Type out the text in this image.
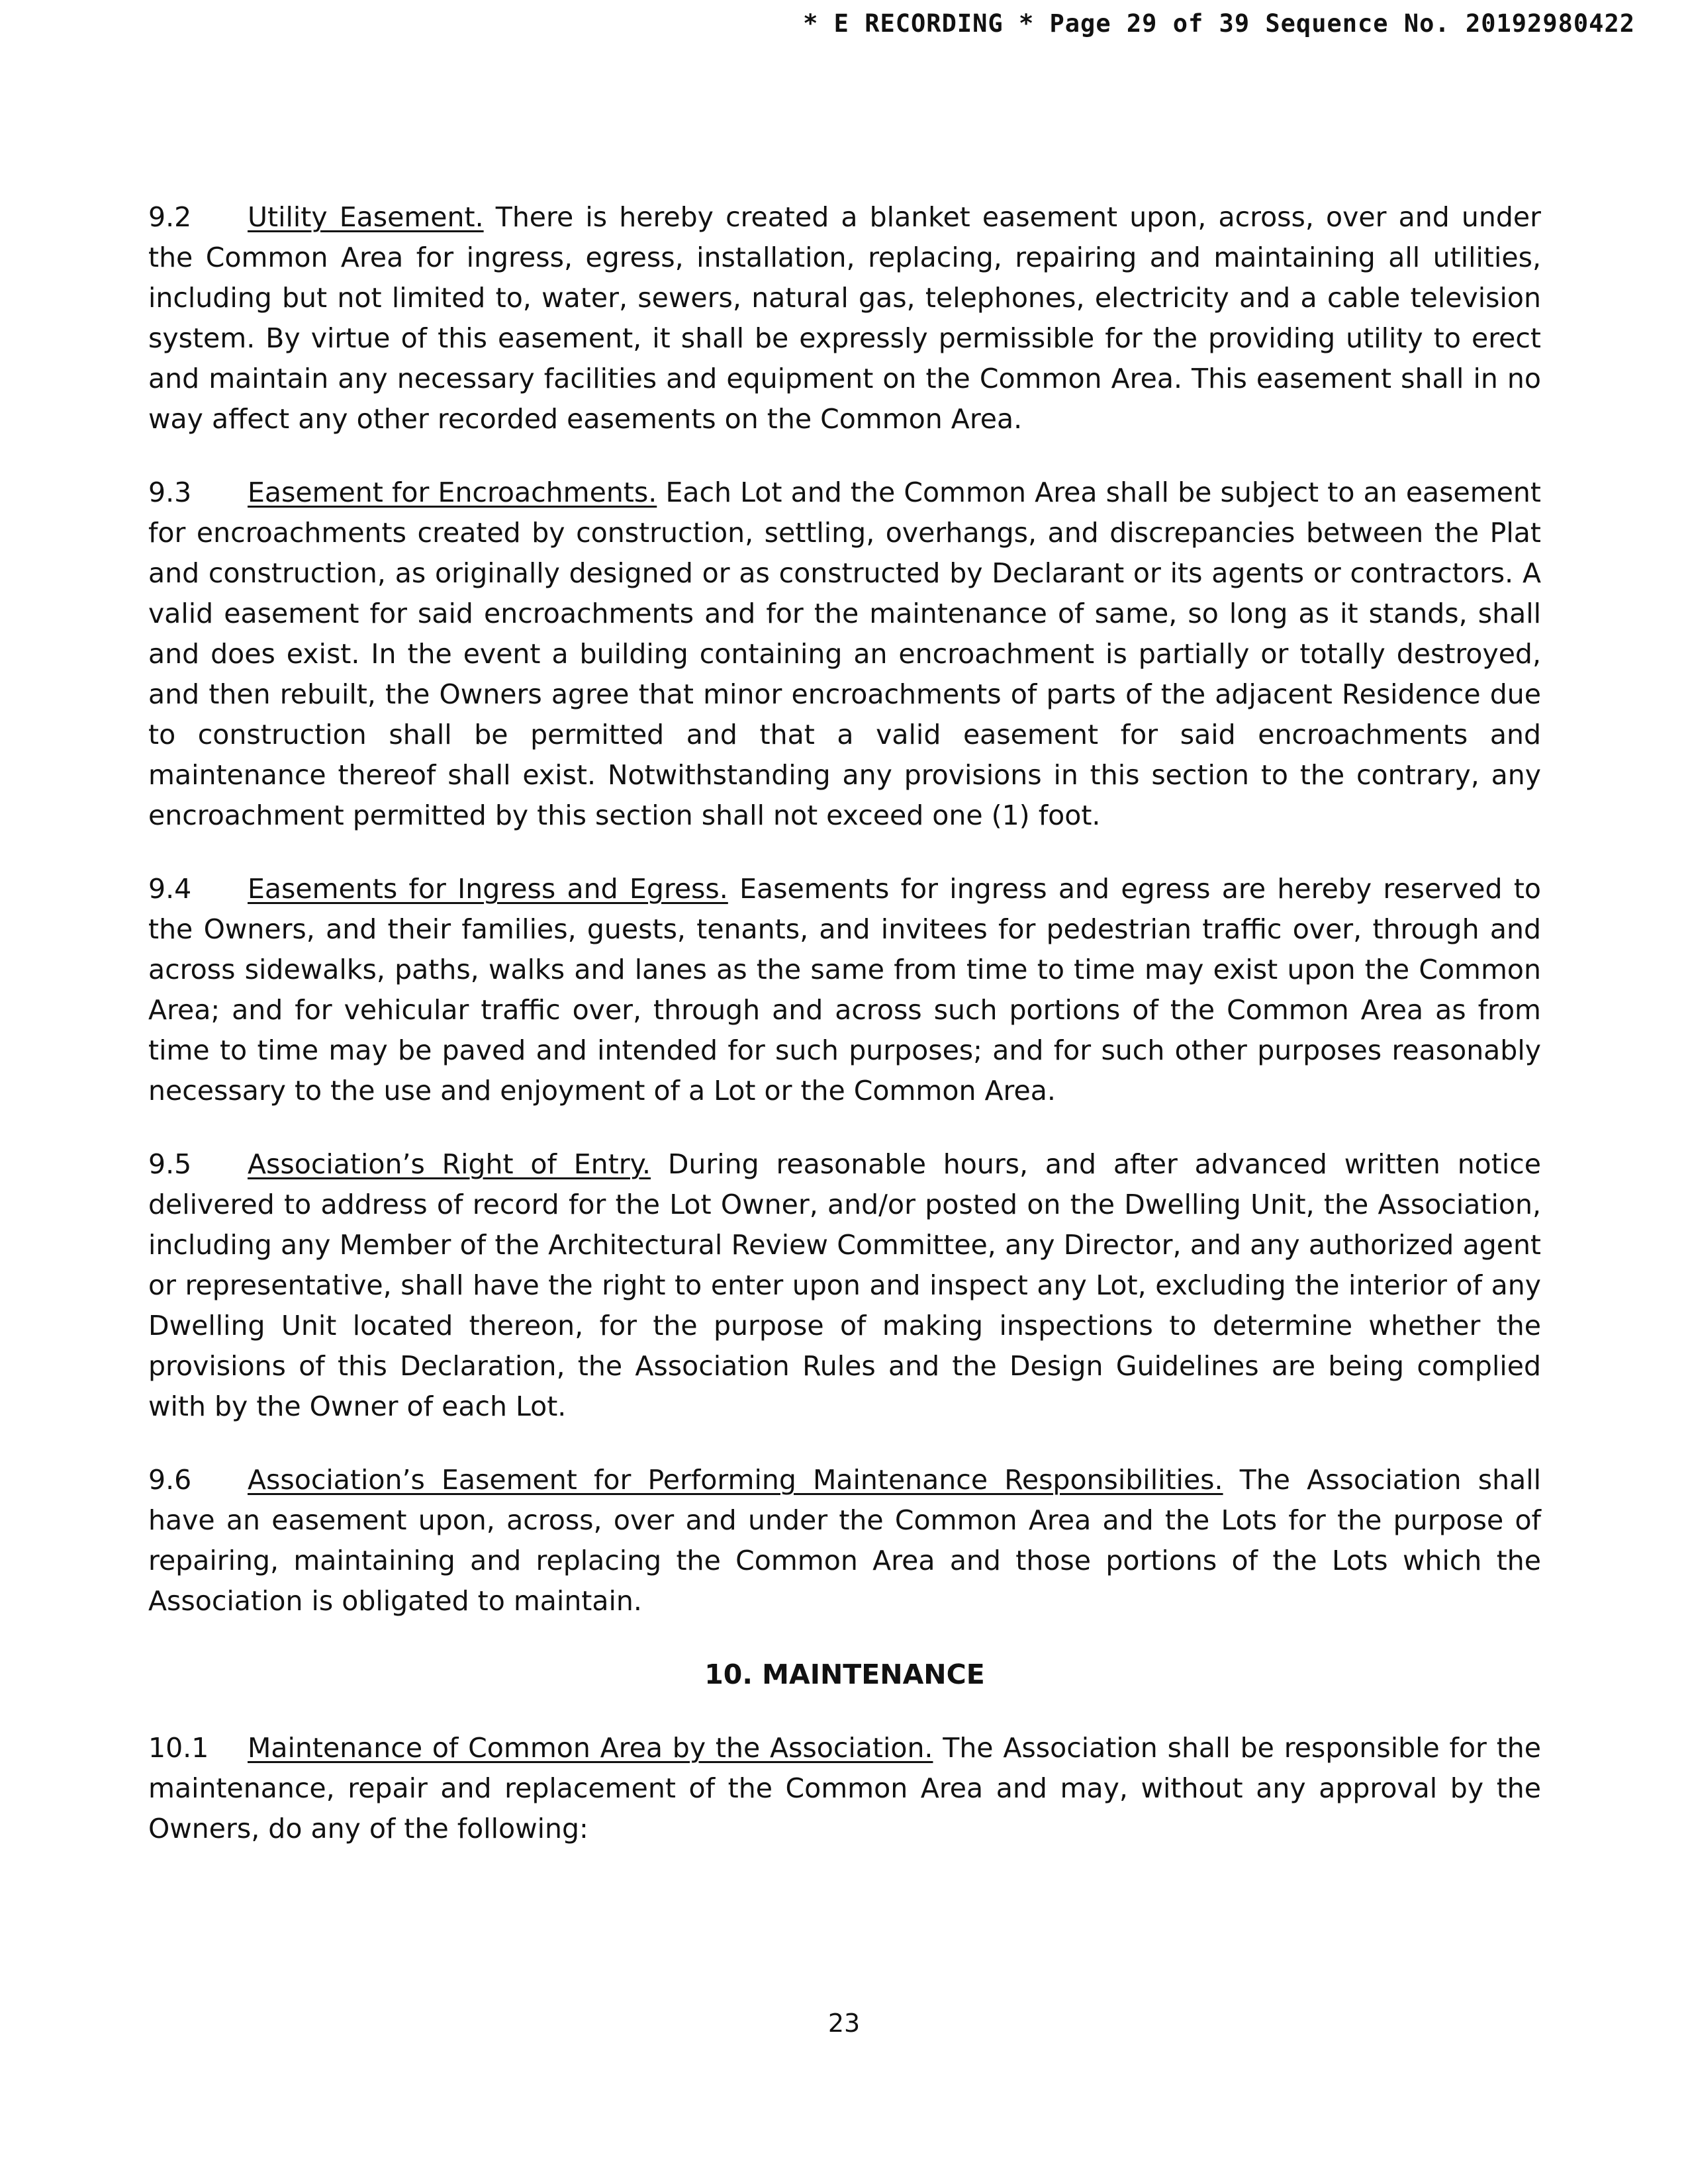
* E RECORDING * Page 29 of 39 Sequence No. 20192980422

9.2 Utility Easement. There is hereby created a blanket easement upon, across, over and under the Common Area for ingress, egress, installation, replacing, repairing and maintaining all utilities, including but not limited to, water, sewers, natural gas, telephones, electricity and a cable television system. By virtue of this easement, it shall be expressly permissible for the providing utility to erect and maintain any necessary facilities and equipment on the Common Area. This easement shall in no way affect any other recorded easements on the Common Area.

9.3 Easement for Encroachments. Each Lot and the Common Area shall be subject to an easement for encroachments created by construction, settling, overhangs, and discrepancies between the Plat and construction, as originally designed or as constructed by Declarant or its agents or contractors. A valid easement for said encroachments and for the maintenance of same, so long as it stands, shall and does exist. In the event a building containing an encroachment is partially or totally destroyed, and then rebuilt, the Owners agree that minor encroachments of parts of the adjacent Residence due to construction shall be permitted and that a valid easement for said encroachments and maintenance thereof shall exist. Notwithstanding any provisions in this section to the contrary, any encroachment permitted by this section shall not exceed one (1) foot.

9.4 Easements for Ingress and Egress. Easements for ingress and egress are hereby reserved to the Owners, and their families, guests, tenants, and invitees for pedestrian traffic over, through and across sidewalks, paths, walks and lanes as the same from time to time may exist upon the Common Area; and for vehicular traffic over, through and across such portions of the Common Area as from time to time may be paved and intended for such purposes; and for such other purposes reasonably necessary to the use and enjoyment of a Lot or the Common Area.

9.5 Association’s Right of Entry. During reasonable hours, and after advanced written notice delivered to address of record for the Lot Owner, and/or posted on the Dwelling Unit, the Association, including any Member of the Architectural Review Committee, any Director, and any authorized agent or representative, shall have the right to enter upon and inspect any Lot, excluding the interior of any Dwelling Unit located thereon, for the purpose of making inspections to determine whether the provisions of this Declaration, the Association Rules and the Design Guidelines are being complied with by the Owner of each Lot.

9.6 Association’s Easement for Performing Maintenance Responsibilities. The Association shall have an easement upon, across, over and under the Common Area and the Lots for the purpose of repairing, maintaining and replacing the Common Area and those portions of the Lots which the Association is obligated to maintain.

10. MAINTENANCE

10.1 Maintenance of Common Area by the Association. The Association shall be responsible for the maintenance, repair and replacement of the Common Area and may, without any approval by the Owners, do any of the following:

23
